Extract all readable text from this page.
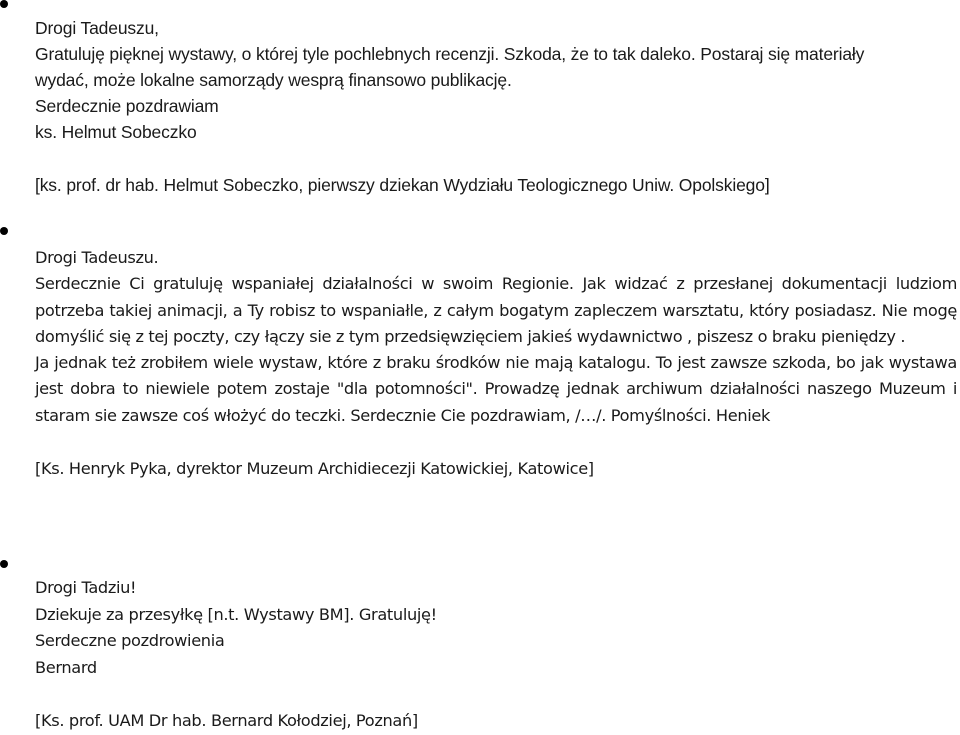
Drogi Tadeuszu,
Gratuluję pięknej wystawy, o której tyle pochlebnych recenzji. Szkoda, że to tak daleko. Postaraj się materiały
wydać, może lokalne samorządy wesprą finansowo publikację.
Serdecznie pozdrawiam
ks. Helmut Sobeczko
[ks. prof. dr hab. Helmut Sobeczko, pierwszy dziekan Wydziału Teologicznego Uniw. Opolskiego]
Drogi Tadeuszu.

Serdecznie Ci gratuluję wspaniałej działalności w swoim Regionie. Jak widzać z przesłanej dokumentacji ludziom potrzeba takiej animacji, a Ty robisz to wspaniałle, z całym bogatym zapleczem warsztatu, który posiadasz. Nie mogę domyślić się z tej poczty, czy łączy sie z tym przedsięwzięciem jakieś wydawnictwo , piszesz o braku pieniędzy .

Ja jednak też zrobiłem wiele wystaw, które z braku środków nie mają katalogu. To jest zawsze szkoda, bo jak wystawa jest dobra to niewiele potem zostaje "dla potomności". Prowadzę jednak archiwum działalności naszego Muzeum i staram sie zawsze coś włożyć do teczki. Serdecznie Cie pozdrawiam, /…/. Pomyślności. Heniek

[Ks. Henryk Pyka, dyrektor Muzeum Archidiecezji Katowickiej, Katowice]
Drogi Tadziu!
Dziekuje za przesyłkę [n.t. Wystawy BM]. Gratuluję!
Serdeczne pozdrowienia
Bernard
[Ks. prof. UAM Dr hab. Bernard Kołodziej, Poznań]
